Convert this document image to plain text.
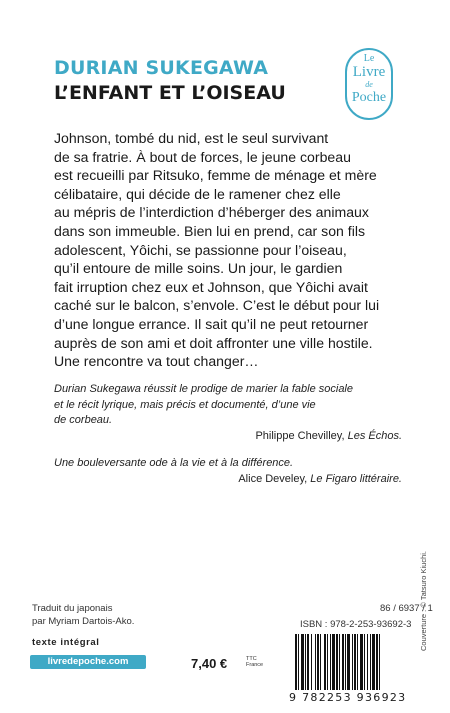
DURIAN SUKEGAWA
L’ENFANT ET L’OISEAU
Le
Livre
de
Poche
Johnson, tombé du nid, est le seul survivant
de sa fratrie. À bout de forces, le jeune corbeau
est recueilli par Ritsuko, femme de ménage et mère
célibataire, qui décide de le ramener chez elle
au mépris de l’interdiction d’héberger des animaux
dans son immeuble. Bien lui en prend, car son fils
adolescent, Yôichi, se passionne pour l’oiseau,
qu’il entoure de mille soins. Un jour, le gardien
fait irruption chez eux et Johnson, que Yôichi avait
caché sur le balcon, s’envole. C’est le début pour lui
d’une longue errance. Il sait qu’il ne peut retourner
auprès de son ami et doit affronter une ville hostile.
Une rencontre va tout changer…
Durian Sukegawa réussit le prodige de marier la fable sociale
et le récit lyrique, mais précis et documenté, d’une vie
de corbeau.
Philippe Chevilley, Les Échos.
Une bouleversante ode à la vie et à la différence.
Alice Develey, Le Figaro littéraire.
Traduit du japonais
par Myriam Dartois-Ako.
texte intégral
livredepoche.com	7,40 €	TTC
France
86 / 6937 / 1
ISBN : 978-2-253-93692-3 Couverture : © Tatsuro Kiuchi.
9 782253 936923
